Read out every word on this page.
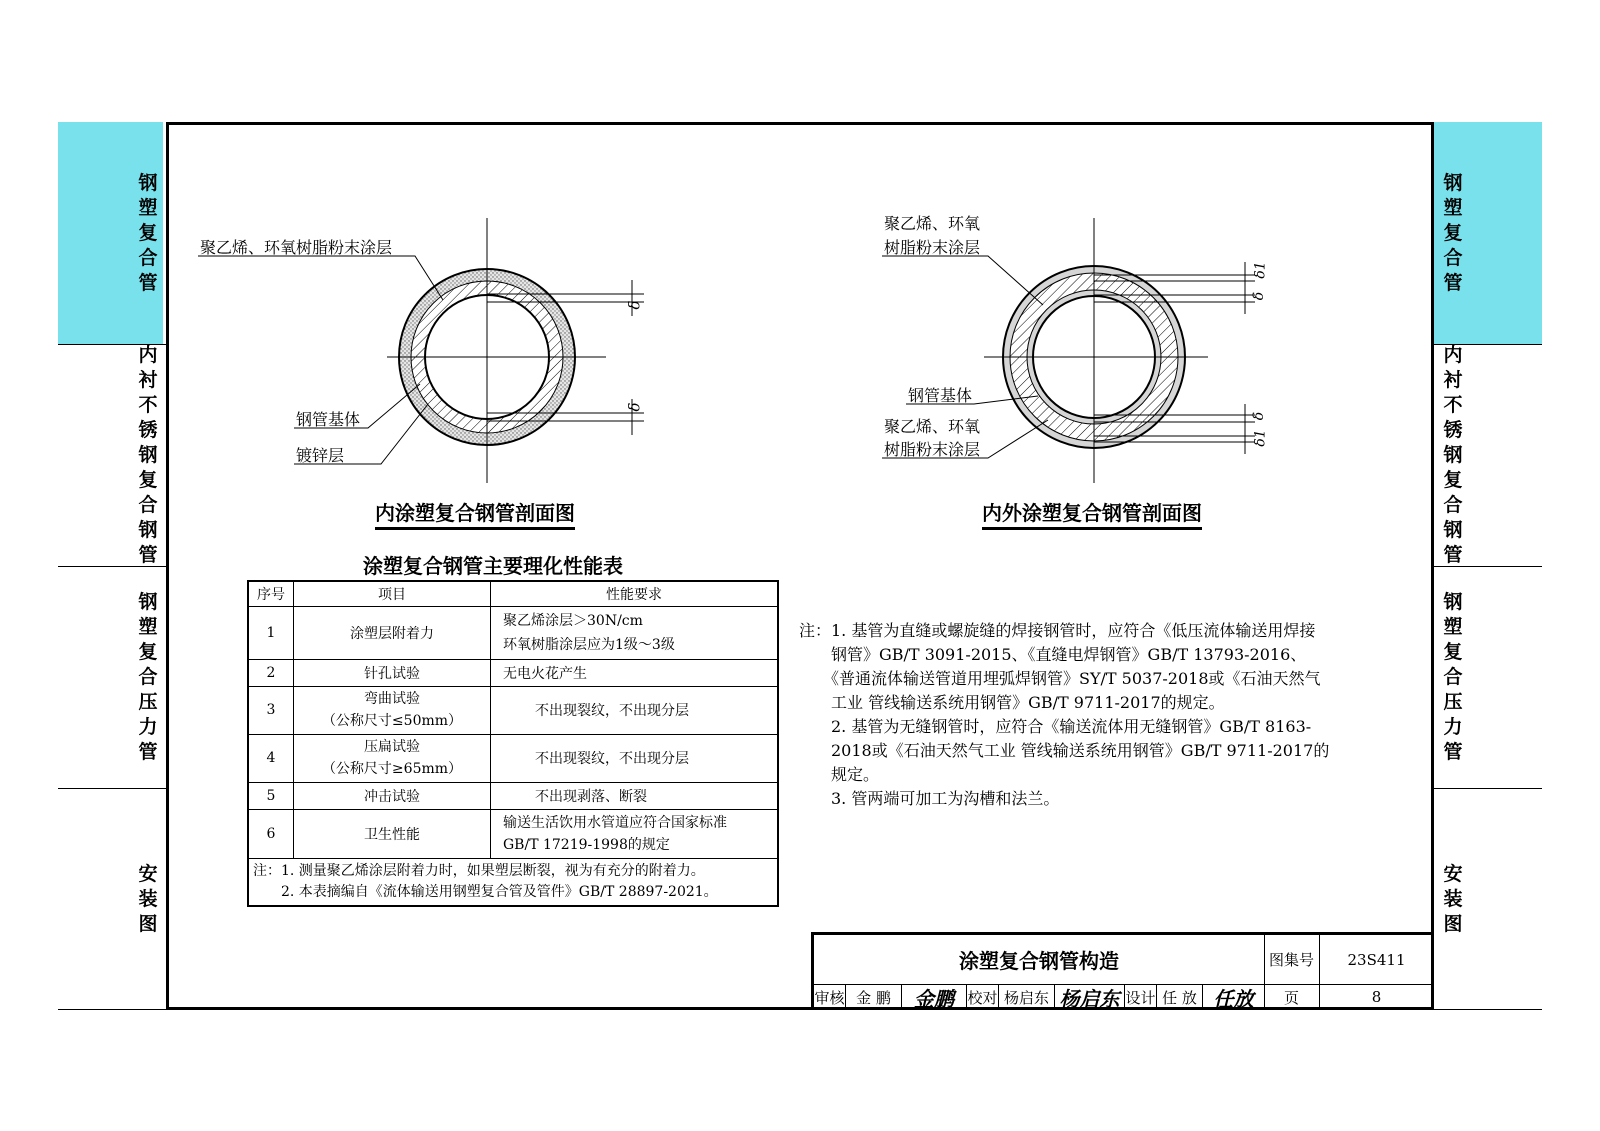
钢
塑
复
合
管
内
衬
不
锈
钢
复
合
钢
管
钢
塑
复
合
压
力
管
安
装
图
钢
塑
复
合
管
内
衬
不
锈
钢
复
合
钢
管
钢
塑
复
合
压
力
管
安
装
图
聚乙烯、环氧树脂粉末涂层
钢管基体
镀锌层
δ
δ
内涂塑复合钢管剖面图
聚乙烯、环氧
树脂粉末涂层
钢管基体
聚乙烯、环氧
树脂粉末涂层
δ1
δ
δ
δ1
内外涂塑复合钢管剖面图
涂塑复合钢管主要理化性能表
序号	项目	性能要求
1	涂塑层附着力	聚乙烯涂层＞30N/cm
环氧树脂涂层应为1级～3级
2	针孔试验	无电火花产生
3	弯曲试验
（公称尺寸≤50mm）	不出现裂纹，不出现分层
4	压扁试验
（公称尺寸≥65mm）	不出现裂纹，不出现分层
5	冲击试验	不出现剥落、断裂
6	卫生性能	输送生活饮用水管道应符合国家标准
GB/T 17219-1998的规定

注：1. 测量聚乙烯涂层附着力时，如果塑层断裂，视为有充分的附着力。
　　2. 本表摘编自《流体输送用钢塑复合管及管件》GB/T 28897-2021。		
注：1. 基管为直缝或螺旋缝的焊接钢管时，应符合《低压流体输送用焊接
　　钢管》GB/T 3091-2015、《直缝电焊钢管》GB/T 13793-2016、
　　《普通流体输送管道用埋弧焊钢管》SY/T 5037-2018或《石油天然气
　　工业 管线输送系统用钢管》GB/T 9711-2017的规定。
　　2. 基管为无缝钢管时，应符合《输送流体用无缝钢管》GB/T 8163-
　　2018或《石油天然气工业 管线输送系统用钢管》GB/T 9711-2017的
　　规定。
　　3. 管两端可加工为沟槽和法兰。
涂塑复合钢管构造	图集号	23S411
审核 金 鹏	金鹏 校对 杨启东 杨启东 设计 任 放 任放	页	8
